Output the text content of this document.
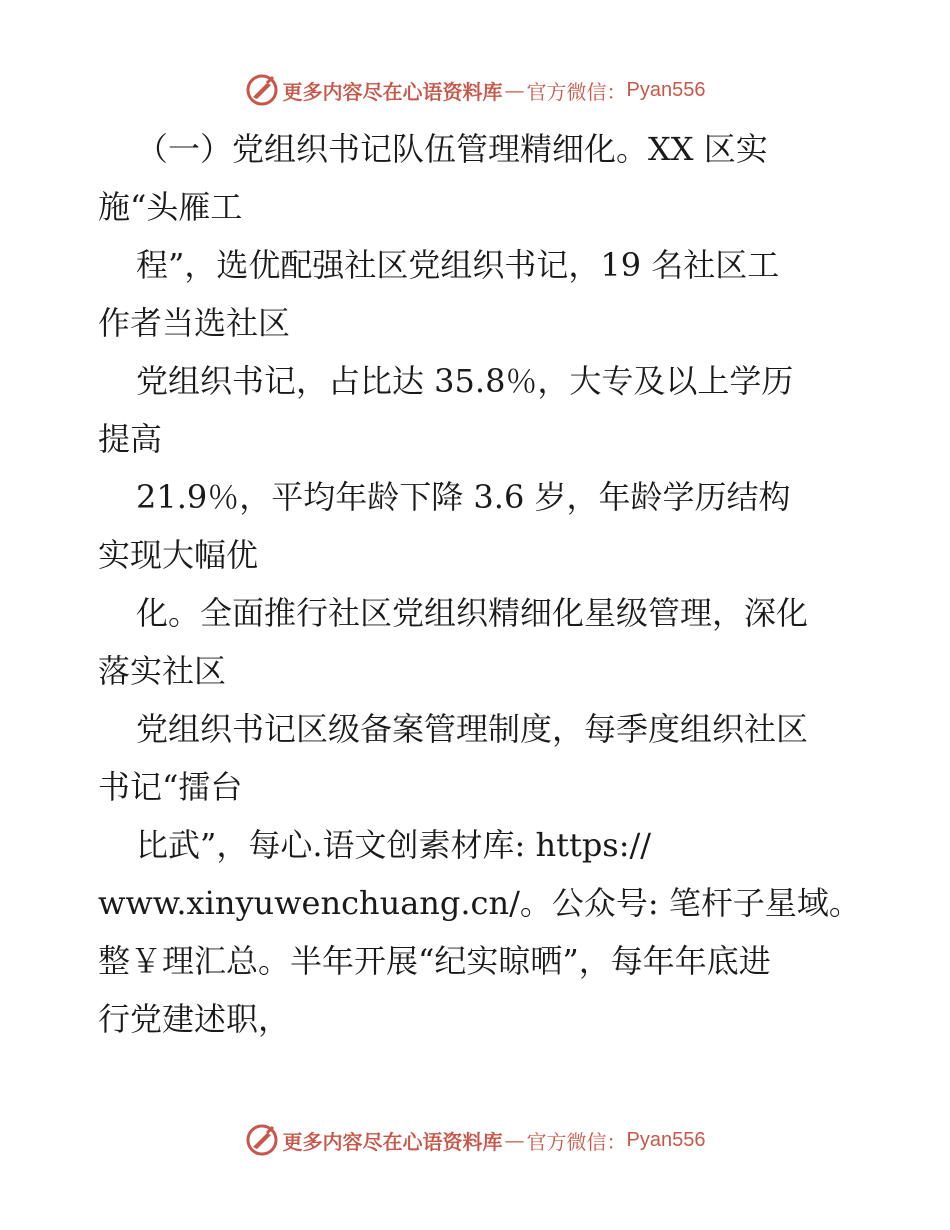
更多内容尽在心语资料库 — 官方微信： Pyan556
（一）党组织书记队伍管理精细化。XX 区实
施“头雁工
程”，选优配强社区党组织书记，19 名社区工
作者当选社区
党组织书记，占比达 35.8％，大专及以上学历
提高
21.9％，平均年龄下降 3.6 岁，年龄学历结构
实现大幅优
化。全面推行社区党组织精细化星级管理，深化
落实社区
党组织书记区级备案管理制度，每季度组织社区
书记“擂台
比武”，每心.语文创素材库: https://
www.xinyuwenchuang.cn/。公众号: 笔杆子星域。
整￥理汇总。半年开展“纪实晾晒”，每年年底进
行党建述职，
更多内容尽在心语资料库 — 官方微信： Pyan556
